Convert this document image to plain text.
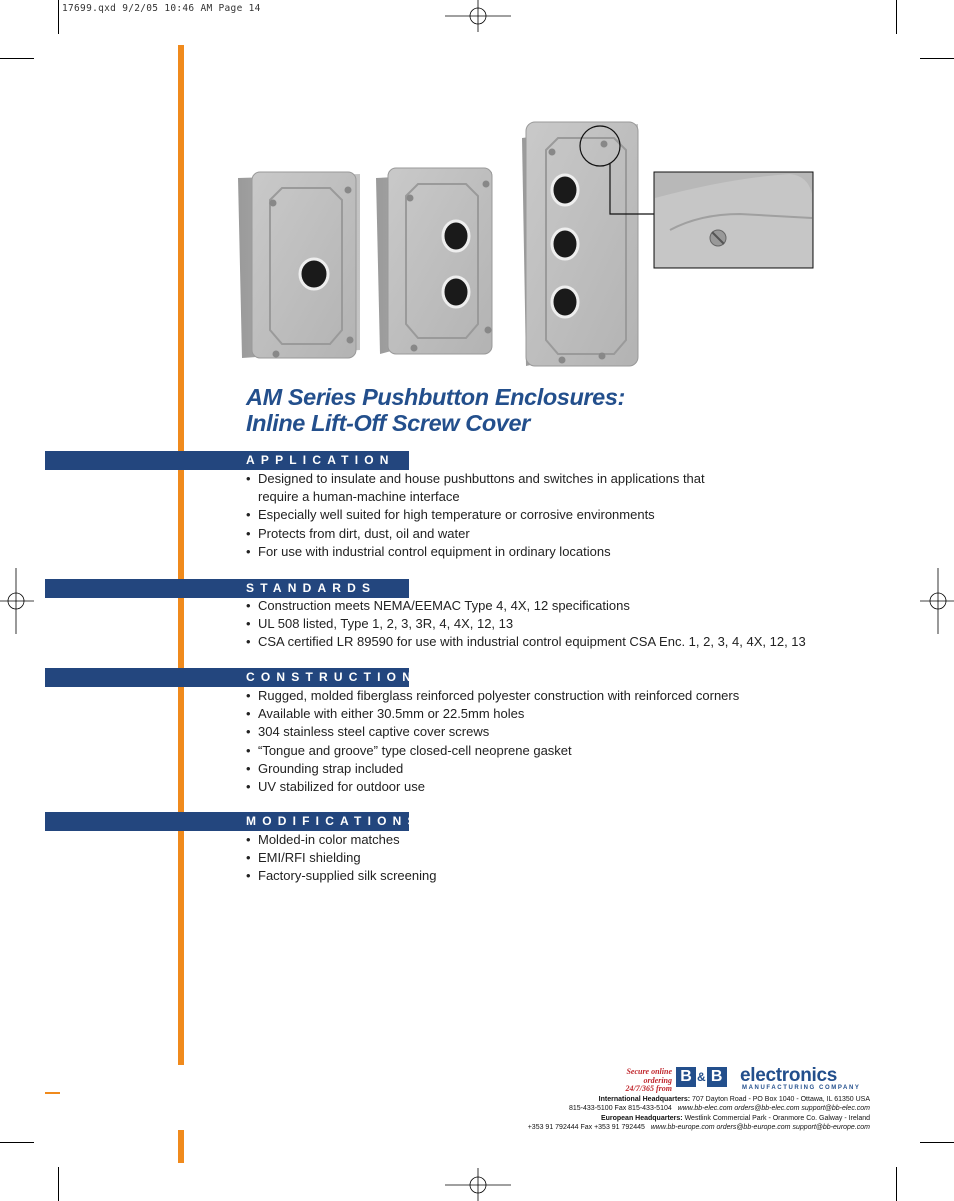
17699.qxd 9/2/05 10:46 AM Page 14
AM Series Pushbutton Enclosures:
Inline Lift-Off Screw Cover
APPLICATION
• Designed to insulate and house pushbuttons and switches in applications that require a human-machine interface
• Especially well suited for high temperature or corrosive environments
• Protects from dirt, dust, oil and water
• For use with industrial control equipment in ordinary locations
STANDARDS
• Construction meets NEMA/EEMAC Type 4, 4X, 12 specifications
• UL 508 listed, Type 1, 2, 3, 3R, 4, 4X, 12, 13
• CSA certified LR 89590 for use with industrial control equipment CSA Enc. 1, 2, 3, 4, 4X, 12, 13
CONSTRUCTION
• Rugged, molded fiberglass reinforced polyester construction with reinforced corners
• Available with either 30.5mm or 22.5mm holes
• 304 stainless steel captive cover screws
• “Tongue and groove” type closed-cell neoprene gasket
• Grounding strap included
• UV stabilized for outdoor use
MODIFICATIONS
• Molded-in color matches
• EMI/RFI shielding
• Factory-supplied silk screening
Secure online
ordering
24/7/365 from
B & B electronics
MANUFACTURING COMPANY
International Headquarters: 707 Dayton Road - PO Box 1040 - Ottawa, IL 61350 USA
815-433-5100 Fax 815-433-5104 www.bb-elec.com orders@bb-elec.com support@bb-elec.com
European Headquarters: Westlink Commercial Park - Oranmore Co. Galway - Ireland
+353 91 792444 Fax +353 91 792445 www.bb-europe.com orders@bb-europe.com support@bb-europe.com
